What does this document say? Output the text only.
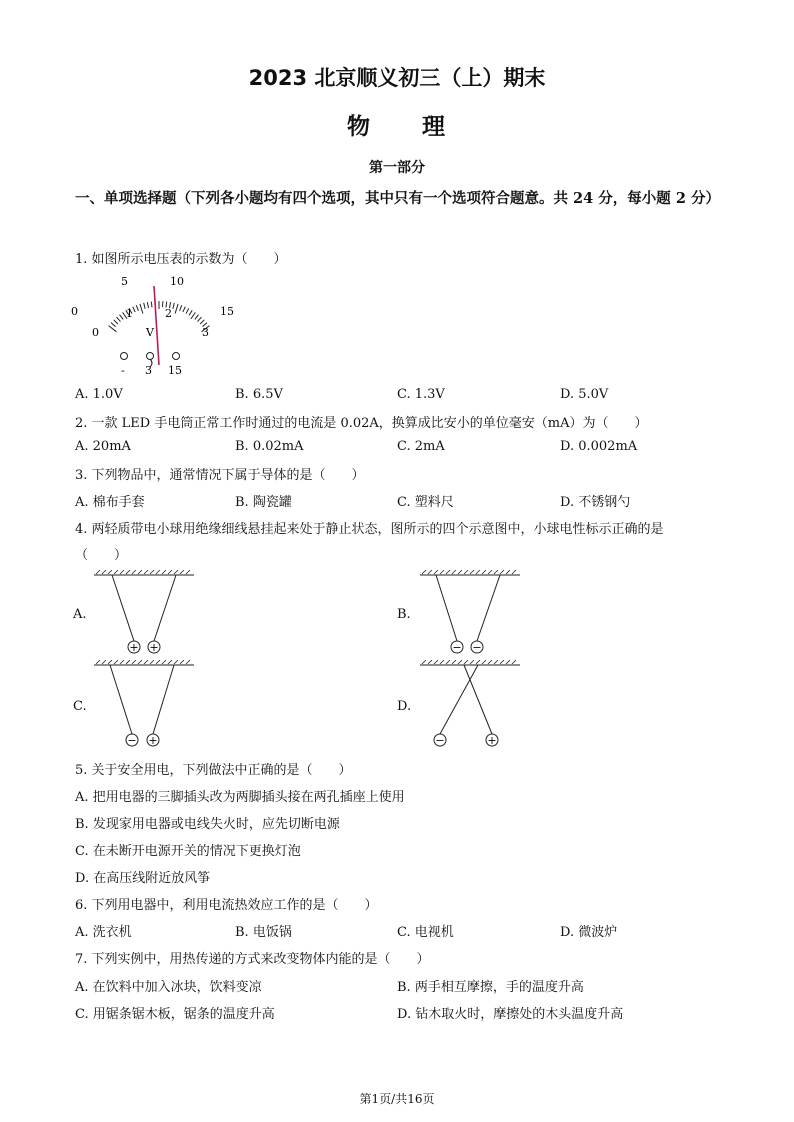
2023 北京顺义初三（上）期末
物　　理
第一部分
一、单项选择题（下列各小题均有四个选项，其中只有一个选项符合题意。共 24 分，每小题 2 分）
1. 如图所示电压表的示数为（　　）
0
5	10
15
0
1	2
3
V
- 3 15
A. 1.0V	B. 6.5V	C. 1.3V	D. 5.0V
2. 一款 LED 手电筒正常工作时通过的电流是 0.02A，换算成比安小的单位毫安（mA）为（　　）
A. 20mA	B. 0.02mA	C. 2mA	D. 0.002mA
3. 下列物品中，通常情况下属于导体的是（　　）
A. 棉布手套	B. 陶瓷罐	C. 塑料尺	D. 不锈钢勺
4. 两轻质带电小球用绝缘细线悬挂起来处于静止状态，图所示的四个示意图中，小球电性标示正确的是
（　　）
A.
+ +
B.
− −
C.
− +
D.
−	+
5. 关于安全用电，下列做法中正确的是（　　）
A. 把用电器的三脚插头改为两脚插头接在两孔插座上使用
B. 发现家用电器或电线失火时，应先切断电源
C. 在未断开电源开关的情况下更换灯泡
D. 在高压线附近放风筝
6. 下列用电器中，利用电流热效应工作的是（　　）
A. 洗衣机	B. 电饭锅	C. 电视机	D. 微波炉
7. 下列实例中，用热传递的方式来改变物体内能的是（　　）
A. 在饮料中加入冰块，饮料变凉	B. 两手相互摩擦，手的温度升高
C. 用锯条锯木板，锯条的温度升高	D. 钻木取火时，摩擦处的木头温度升高
第1页/共16页
